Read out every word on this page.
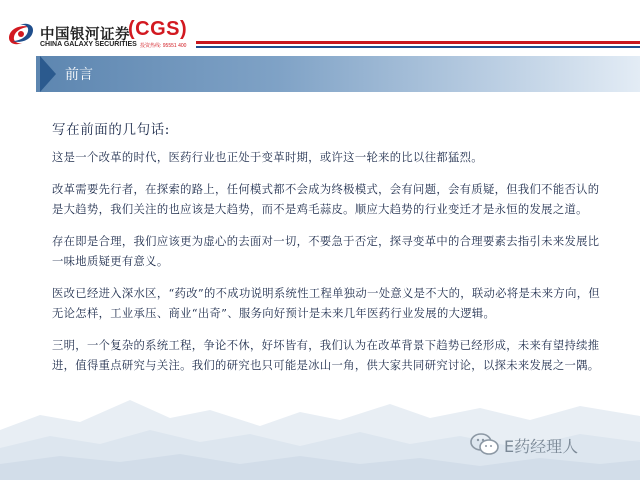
中国银河证券
CHINA GALAXY SECURITIES
(CGS)
投资热线: 95551 400
前言

写在前面的几句话:

这是一个改革的时代，医药行业也正处于变革时期，或许这一轮来的比以往都猛烈。

改革需要先行者，在探索的路上，任何模式都不会成为终极模式，会有问题，会有质疑，但我们不能否认的是大趋势，我们关注的也应该是大趋势，而不是鸡毛蒜皮。顺应大趋势的行业变迁才是永恒的发展之道。

存在即是合理，我们应该更为虚心的去面对一切，不要急于否定，探寻变革中的合理要素去指引未来发展比一味地质疑更有意义。

医改已经进入深水区，“药改”的不成功说明系统性工程单独动一处意义是不大的，联动必将是未来方向，但无论怎样，工业承压、商业“出奇”、服务向好预计是未来几年医药行业发展的大逻辑。

三明，一个复杂的系统工程，争论不休，好坏皆有，我们认为在改革背景下趋势已经形成，未来有望持续推进，值得重点研究与关注。我们的研究也只可能是冰山一角，供大家共同研究讨论，以探未来发展之一隅。

E药经理人
